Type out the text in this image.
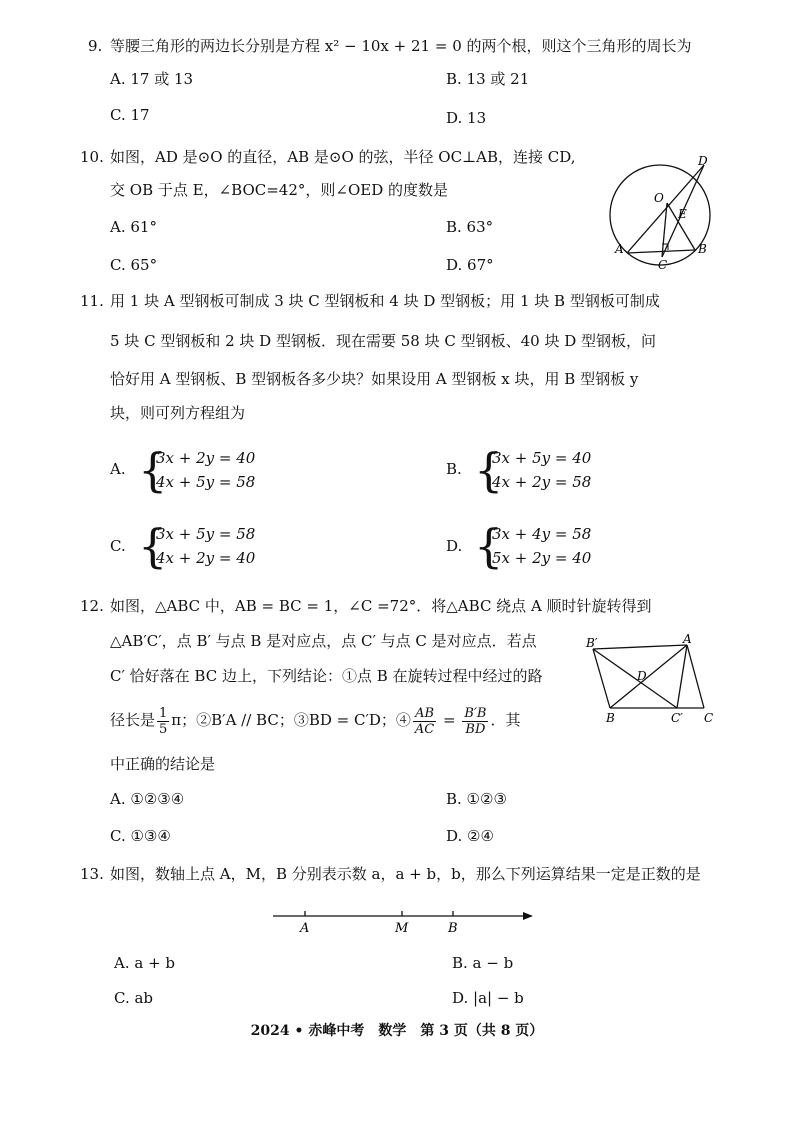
9. 等腰三角形的两边长分别是方程 x² − 10x + 21 = 0 的两个根，则这个三角形的周长为
A. 17 或 13	B. 13 或 21
C. 17	D. 13
10. 如图，AD 是⊙O 的直径，AB 是⊙O 的弦，半径 OC⊥AB，连接 CD,
交 OB 于点 E，∠BOC=42°，则∠OED 的度数是
A. 61°	B. 63°
C. 65°	D. 67°
D
O
E
A	B
C
11. 用 1 块 A 型钢板可制成 3 块 C 型钢板和 4 块 D 型钢板；用 1 块 B 型钢板可制成
5 块 C 型钢板和 2 块 D 型钢板．现在需要 58 块 C 型钢板、40 块 D 型钢板，问
恰好用 A 型钢板、B 型钢板各多少块？如果设用 A 型钢板 x 块，用 B 型钢板 y
块，则可列方程组为
A. {
3x + 2y = 40
4x + 5y = 58
B. {
3x + 5y = 40
4x + 2y = 58
C. {
3x + 5y = 58
4x + 2y = 40
D. {
3x + 4y = 58
5x + 2y = 40
12. 如图，△ABC 中，AB = BC = 1，∠C =72°．将△ABC 绕点 A 顺时针旋转得到
△AB′C′，点 B′ 与点 B 是对应点，点 C′ 与点 C 是对应点．若点
C′ 恰好落在 BC 边上，下列结论：①点 B 在旋转过程中经过的路
径长是 $\frac{1}{5}$ π；②B′A // BC；③BD = C′D；④ $\frac{AB}{AC} = \frac{B'B}{BD}$ ．其
中正确的结论是
A. ①②③④	B. ①②③
C. ①③④	D. ②④
B′	A
D
B	C′ C
13. 如图，数轴上点 A，M，B 分别表示数 a，a + b，b，那么下列运算结果一定是正数的是
A	M	B
A. a + b	B. a − b
C. ab	D. |a| − b
2024 • 赤峰中考　数学　第 3 页（共 8 页）
